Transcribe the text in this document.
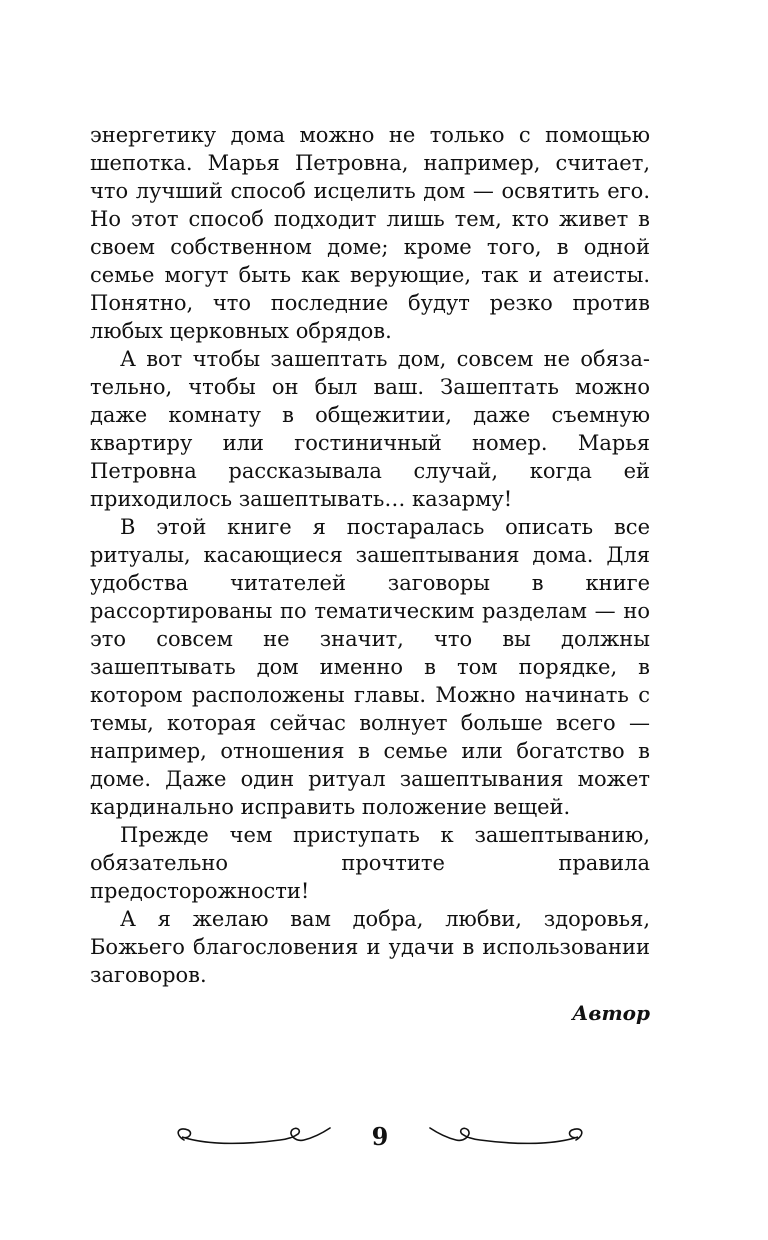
энергетику дома можно не только с помощью шепотка. Марья Петровна, например, считает, что лучший способ исцелить дом — освятить его. Но этот способ подходит лишь тем, кто живет в своем собственном доме; кроме того, в одной семье могут быть как верующие, так и атеисты. Понятно, что последние будут резко против любых церковных обрядов.

А вот чтобы зашептать дом, совсем не обязательно, чтобы он был ваш. Зашептать можно даже комнату в общежитии, даже съемную квартиру или гостиничный номер. Марья Петровна рассказывала случай, когда ей приходилось зашептывать… казарму!

В этой книге я постаралась описать все ритуалы, касающиеся зашептывания дома. Для удобства читателей заговоры в книге рассортированы по тематическим разделам — но это совсем не значит, что вы должны зашептывать дом именно в том порядке, в котором расположены главы. Можно начинать с темы, которая сейчас волнует больше всего — например, отношения в семье или богатство в доме. Даже один ритуал зашептывания может кардинально исправить положение вещей.

Прежде чем приступать к зашептыванию, обязательно прочтите правила предосторожности!

А я желаю вам добра, любви, здоровья, Божьего благословения и удачи в использовании заговоров.

Автор

9
